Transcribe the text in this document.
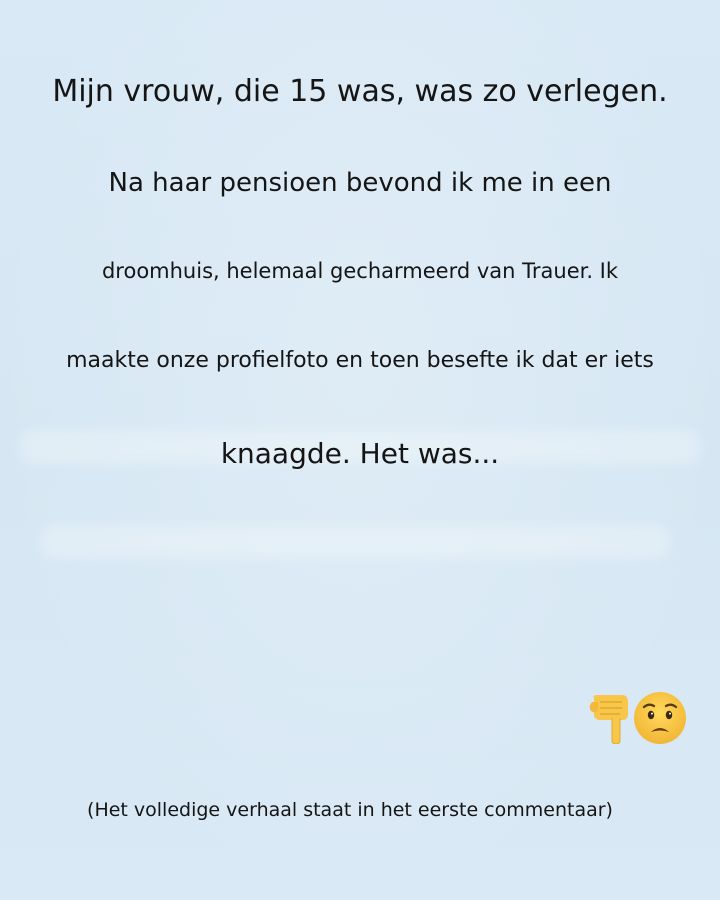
Mijn vrouw, die 15 was, was zo verlegen.
Na haar pensioen bevond ik me in een
droomhuis, helemaal gecharmeerd van Trauer. Ik
maakte onze profielfoto en toen besefte ik dat er iets
knaagde. Het was...
(Het volledige verhaal staat in het eerste commentaar)
